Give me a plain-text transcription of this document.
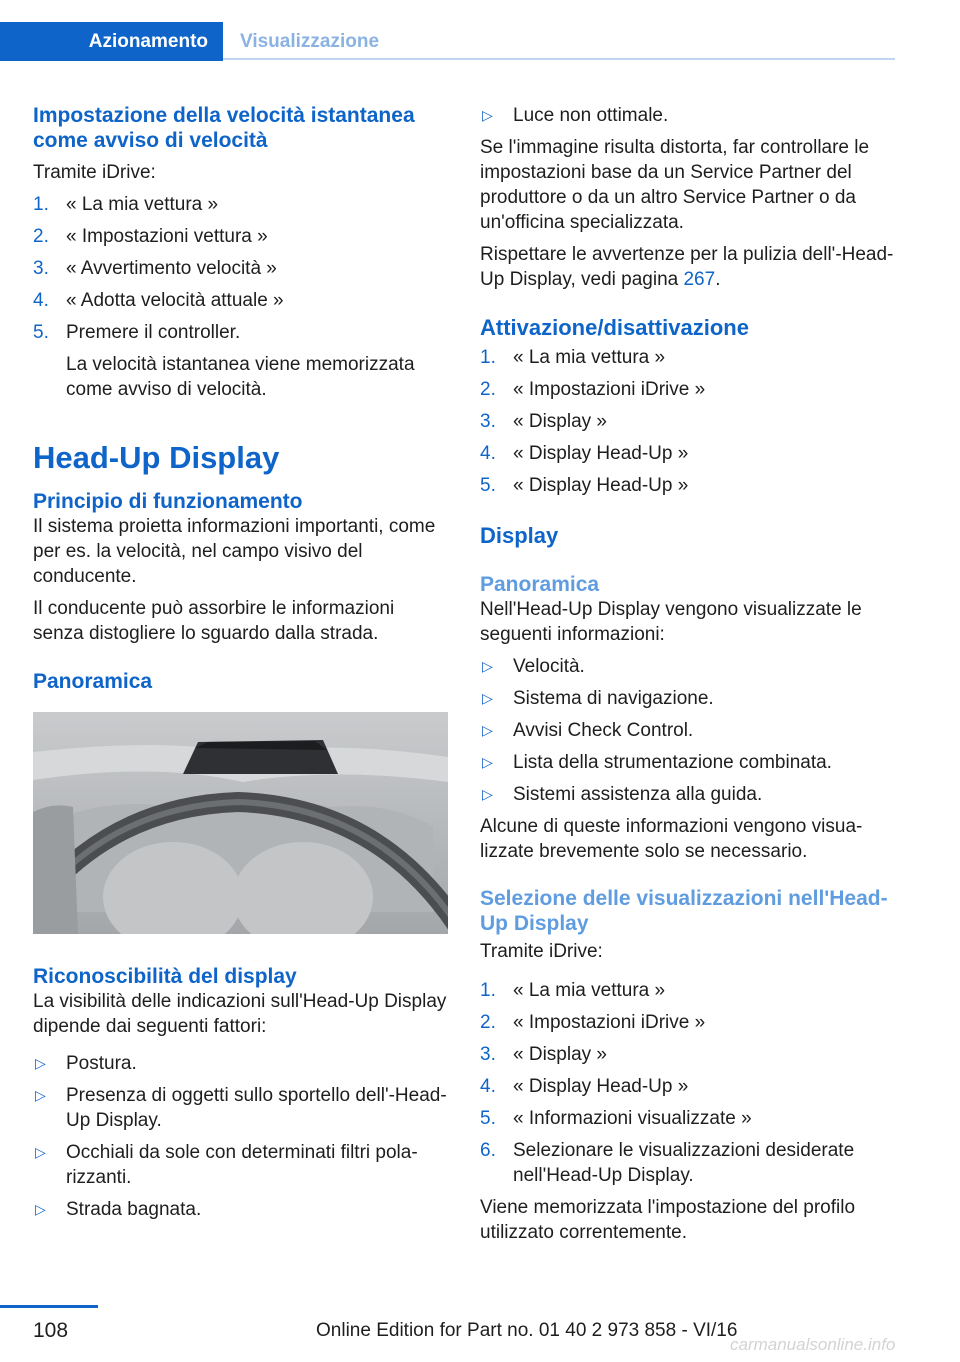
Azionamento	Visualizzazione

Impostazione della velocità istantanea come avviso di velocità

Tramite iDrive:

1. « La mia vettura »
2. « Impostazioni vettura »
3. « Avvertimento velocità »
4. « Adotta velocità attuale »
5. Premere il controller.

La velocità istantanea viene memorizzata come avviso di velocità.

Head-Up Display

Principio di funzionamento

Il sistema proietta informazioni importanti, come per es. la velocità, nel campo visivo del conducente.

Il conducente può assorbire le informazioni senza distogliere lo sguardo dalla strada.

Panoramica

Riconoscibilità del display

La visibilità delle indicazioni sull'Head-Up Display dipende dai seguenti fattori:

▷ Postura.
▷ Presenza di oggetti sullo sportello dell'-Head-Up Display.
▷ Occhiali da sole con determinati filtri polarizzanti.
▷ Strada bagnata.
▷ Luce non ottimale.

Se l'immagine risulta distorta, far controllare le impostazioni base da un Service Partner del produttore o da un altro Service Partner o da un'officina specializzata.

Rispettare le avvertenze per la pulizia dell'-Head-Up Display, vedi pagina 267.

Attivazione/disattivazione

1. « La mia vettura »
2. « Impostazioni iDrive »
3. « Display »
4. « Display Head-Up »
5. « Display Head-Up »

Display

Panoramica

Nell'Head-Up Display vengono visualizzate le seguenti informazioni:

▷ Velocità.
▷ Sistema di navigazione.
▷ Avvisi Check Control.
▷ Lista della strumentazione combinata.
▷ Sistemi assistenza alla guida.

Alcune di queste informazioni vengono visualizzate brevemente solo se necessario.

Selezione delle visualizzazioni nell'Head-Up Display

Tramite iDrive:

1. « La mia vettura »
2. « Impostazioni iDrive »
3. « Display »
4. « Display Head-Up »
5. « Informazioni visualizzate »
6. Selezionare le visualizzazioni desiderate nell'Head-Up Display.

Viene memorizzata l'impostazione del profilo utilizzato correntemente.

108	Online Edition for Part no. 01 40 2 973 858 - VI/16
carmanualsonline.info
